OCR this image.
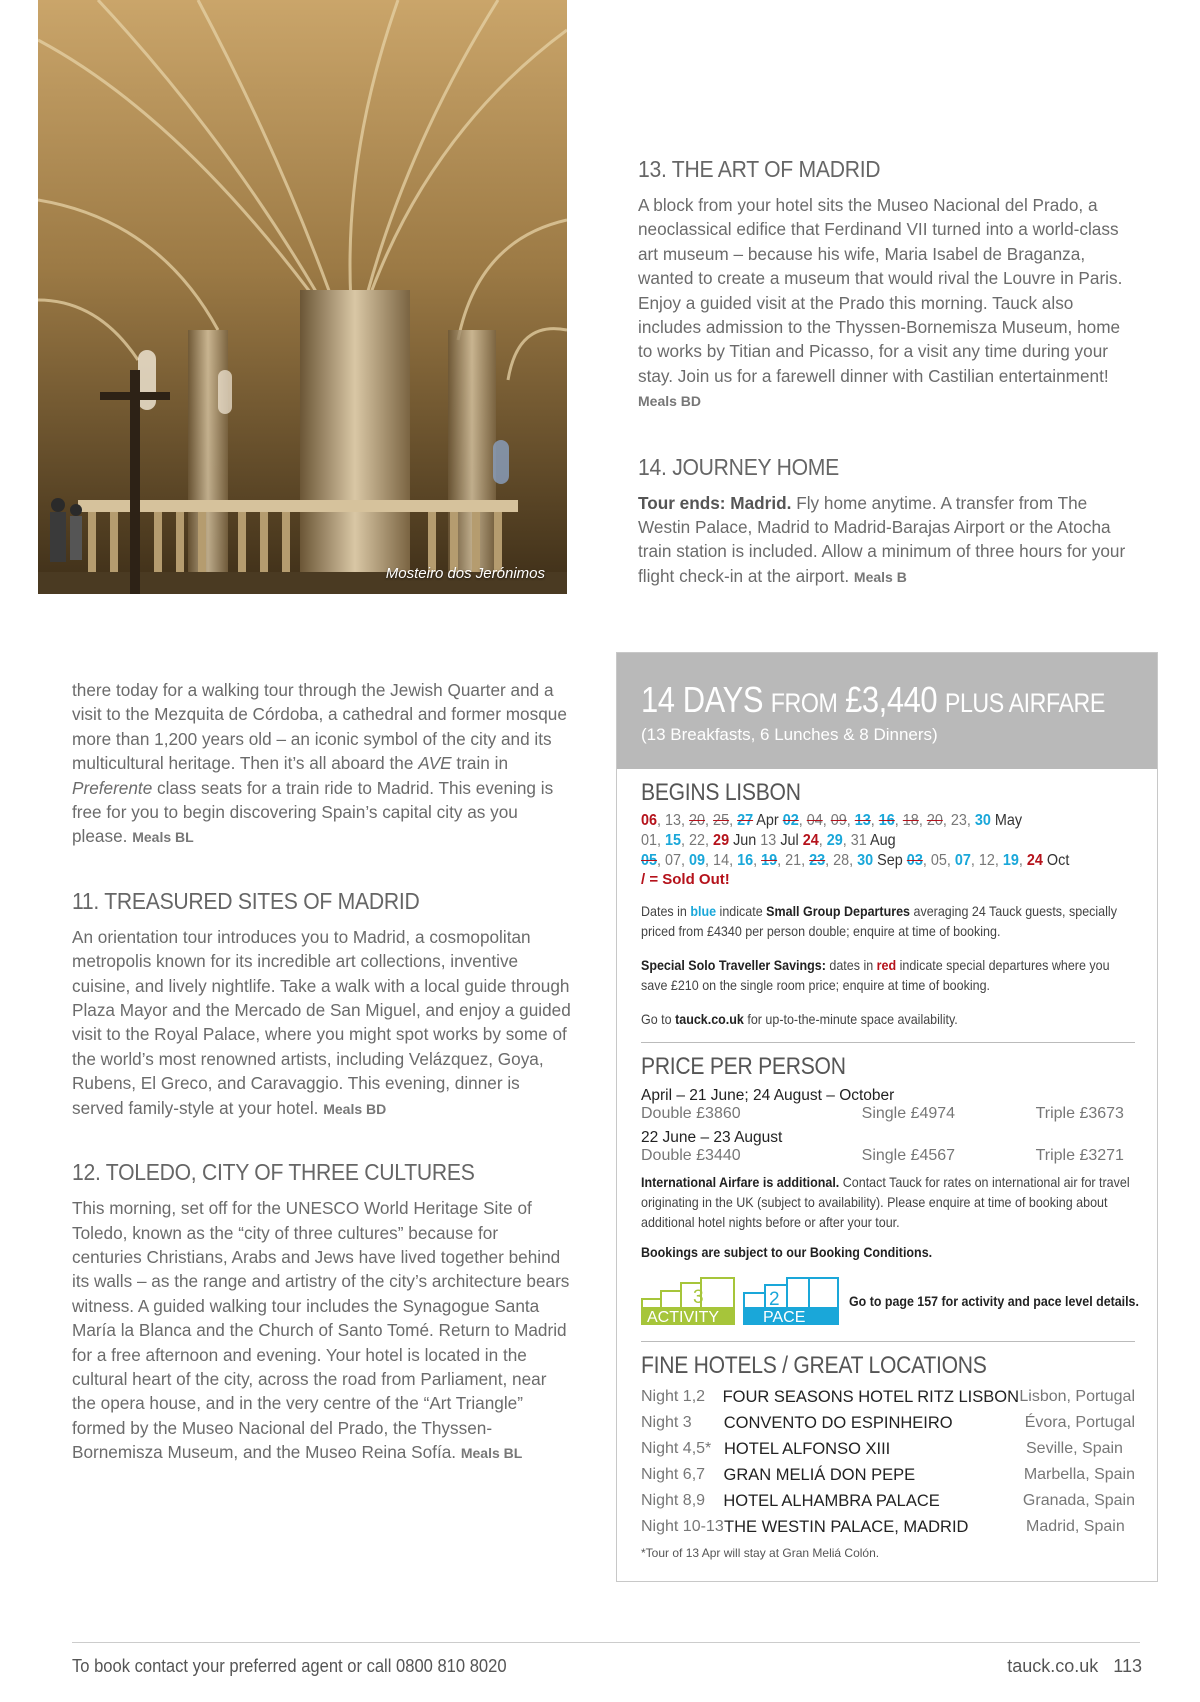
Mosteiro dos Jerónimos
13. THE ART OF MADRID

A block from your hotel sits the Museo Nacional del Prado, a neoclassical edifice that Ferdinand VII turned into a world-class art museum – because his wife, Maria Isabel de Braganza, wanted to create a museum that would rival the Louvre in Paris. Enjoy a guided visit at the Prado this morning. Tauck also includes admission to the Thyssen-Bornemisza Museum, home to works by Titian and Picasso, for a visit any time during your stay. Join us for a farewell dinner with Castilian entertainment! Meals BD

14. JOURNEY HOME

Tour ends: Madrid. Fly home anytime. A transfer from The Westin Palace, Madrid to Madrid-Barajas Airport or the Atocha train station is included. Allow a minimum of three hours for your flight check-in at the airport. Meals B

there today for a walking tour through the Jewish Quarter and a visit to the Mezquita de Córdoba, a cathedral and former mosque more than 1,200 years old – an iconic symbol of the city and its multicultural heritage. Then it’s all aboard the AVE train in Preferente class seats for a train ride to Madrid. This evening is free for you to begin discovering Spain’s capital city as you please. Meals BL

11. TREASURED SITES OF MADRID

An orientation tour introduces you to Madrid, a cosmopolitan metropolis known for its incredible art collections, inventive cuisine, and lively nightlife. Take a walk with a local guide through Plaza Mayor and the Mercado de San Miguel, and enjoy a guided visit to the Royal Palace, where you might spot works by some of the world’s most renowned artists, including Velázquez, Goya, Rubens, El Greco, and Caravaggio. This evening, dinner is served family-style at your hotel. Meals BD

12. TOLEDO, CITY OF THREE CULTURES

This morning, set off for the UNESCO World Heritage Site of Toledo, known as the “city of three cultures” because for centuries Christians, Arabs and Jews have lived together behind its walls – as the range and artistry of the city’s architecture bears witness. A guided walking tour includes the Synagogue Santa María la Blanca and the Church of Santo Tomé. Return to Madrid for a free afternoon and evening. Your hotel is located in the cultural heart of the city, across the road from Parliament, near the opera house, and in the very centre of the “Art Triangle” formed by the Museo Nacional del Prado, the Thyssen-Bornemisza Museum, and the Museo Reina Sofía. Meals BL

14 DAYS FROM £3,440 PLUS AIRFARE
(13 Breakfasts, 6 Lunches & 8 Dinners)
BEGINS LISBON
06, 13, 20, 25, 27 Apr 02, 04, 09, 13, 16, 18, 20, 23, 30 May
01, 15, 22, 29 Jun 13 Jul 24, 29, 31 Aug
05, 07, 09, 14, 16, 19, 21, 23, 28, 30 Sep 03, 05, 07, 12, 19, 24 Oct
/ = Sold Out!
Dates in blue indicate Small Group Departures averaging 24 Tauck guests, specially priced from £4340 per person double; enquire at time of booking.
Special Solo Traveller Savings: dates in red indicate special departures where you save £210 on the single room price; enquire at time of booking.
Go to tauck.co.uk for up-to-the-minute space availability.
PRICE PER PERSON
April – 21 June; 24 August – October
Double £3860	Single £4974	Triple £3673
22 June – 23 August
Double £3440	Single £4567	Triple £3271
International Airfare is additional. Contact Tauck for rates on international air for travel originating in the UK (subject to availability). Please enquire at time of booking about additional hotel nights before or after your tour.
Bookings are subject to our Booking Conditions.
3
ACTIVITY
2
PACE
Go to page 157 for activity and pace level details.
FINE HOTELS / GREAT LOCATIONS
Night 1,2	FOUR SEASONS HOTEL RITZ LISBON Lisbon, Portugal
Night 3	CONVENTO DO ESPINHEIRO	Évora, Portugal
Night 4,5* HOTEL ALFONSO XIII	Seville, Spain
Night 6,7	GRAN MELIÁ DON PEPE	Marbella, Spain
Night 8,9	HOTEL ALHAMBRA PALACE	Granada, Spain
Night 10-13 THE WESTIN PALACE, MADRID	Madrid, Spain
*Tour of 13 Apr will stay at Gran Meliá Colón.
To book contact your preferred agent or call 0800 810 8020	tauck.co.uk 113
